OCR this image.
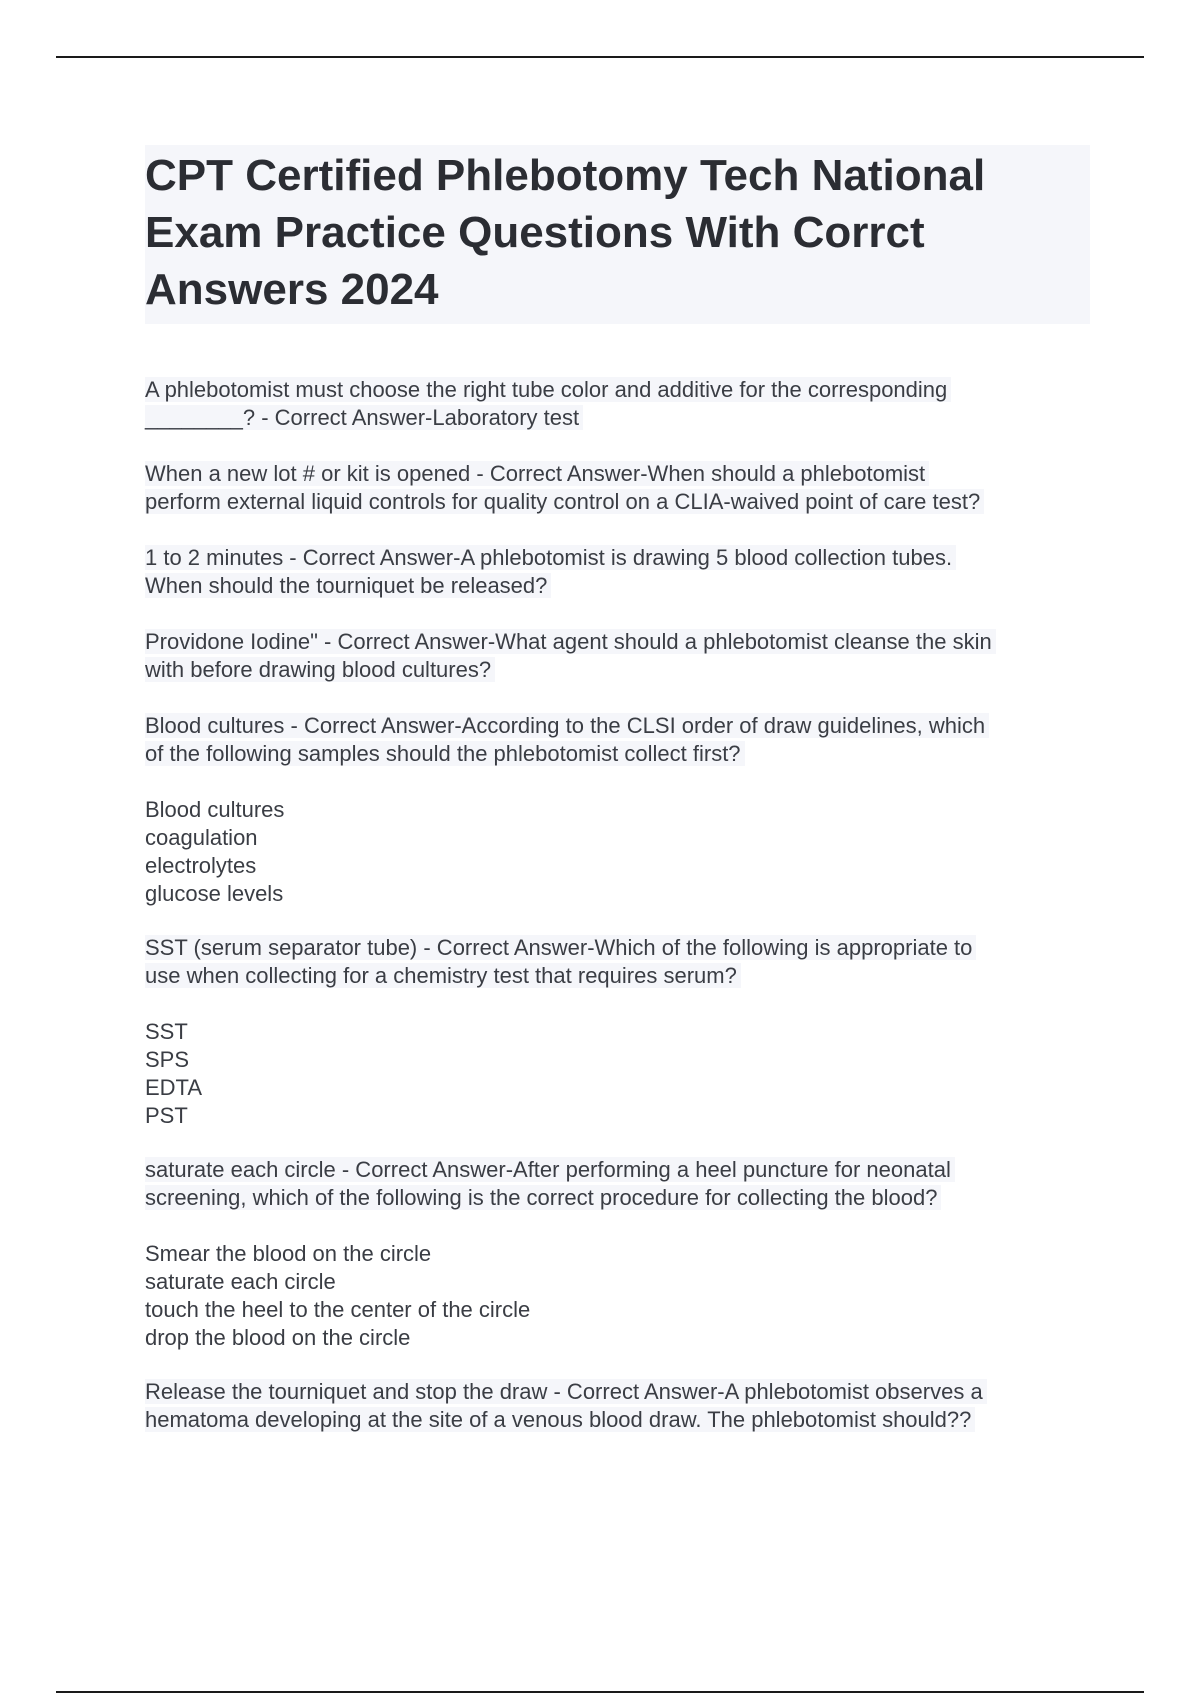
CPT Certified Phlebotomy Tech National
Exam Practice Questions With Corrct
Answers 2024

A phlebotomist must choose the right tube color and additive for the corresponding
________? - Correct Answer-Laboratory test

When a new lot # or kit is opened - Correct Answer-When should a phlebotomist
perform external liquid controls for quality control on a CLIA-waived point of care test?

1 to 2 minutes - Correct Answer-A phlebotomist is drawing 5 blood collection tubes.
When should the tourniquet be released?

Providone Iodine" - Correct Answer-What agent should a phlebotomist cleanse the skin
with before drawing blood cultures?

Blood cultures - Correct Answer-According to the CLSI order of draw guidelines, which
of the following samples should the phlebotomist collect first?

Blood cultures
coagulation
electrolytes
glucose levels

SST (serum separator tube) - Correct Answer-Which of the following is appropriate to
use when collecting for a chemistry test that requires serum?

SST
SPS
EDTA
PST

saturate each circle - Correct Answer-After performing a heel puncture for neonatal
screening, which of the following is the correct procedure for collecting the blood?

Smear the blood on the circle
saturate each circle
touch the heel to the center of the circle
drop the blood on the circle

Release the tourniquet and stop the draw - Correct Answer-A phlebotomist observes a
hematoma developing at the site of a venous blood draw. The phlebotomist should??
